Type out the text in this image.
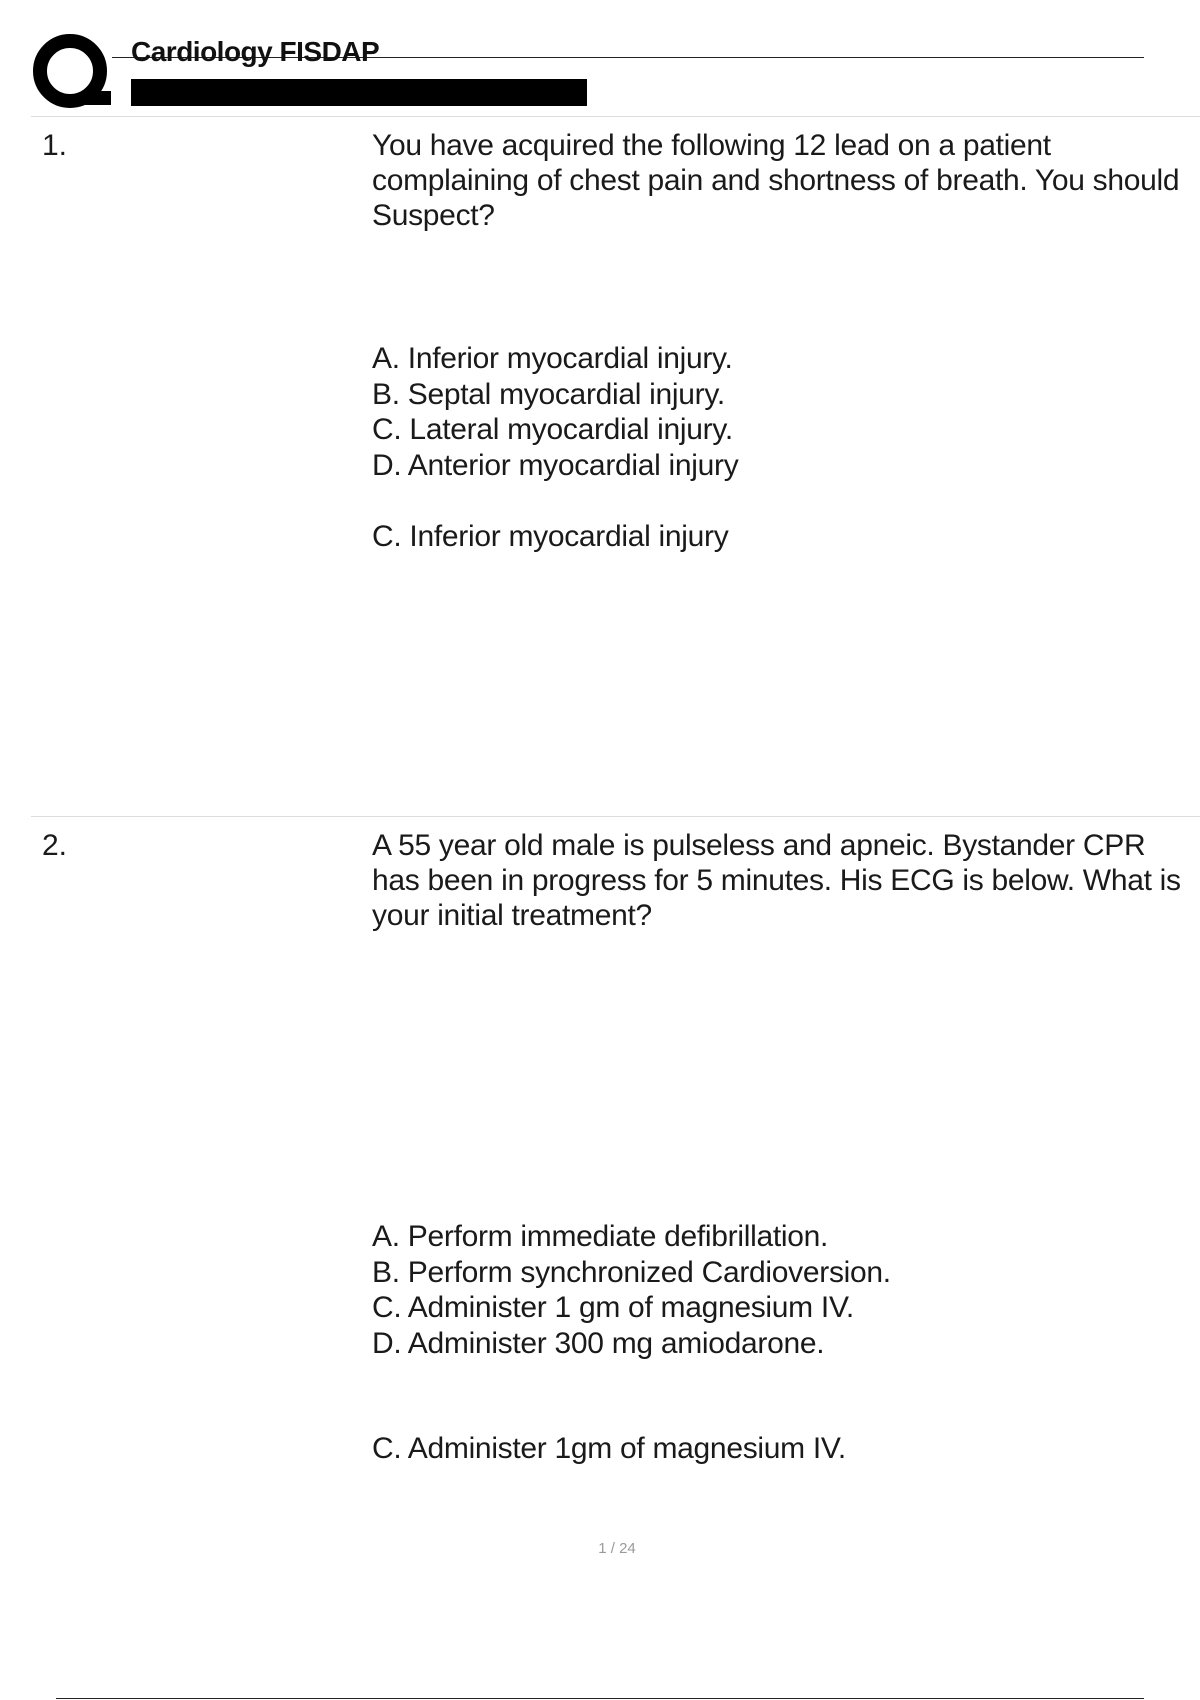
Cardiology FISDAP
1.	You have acquired the following 12 lead on a patient complaining of chest pain and shortness of breath. You should Suspect?
A. Inferior myocardial injury.
B. Septal myocardial injury.
C. Lateral myocardial injury.
D. Anterior myocardial injury
C. Inferior myocardial injury
2.	A 55 year old male is pulseless and apneic. Bystander CPR has been in progress for 5 minutes. His ECG is below. What is your initial treatment?
A. Perform immediate defibrillation.
B. Perform synchronized Cardioversion.
C. Administer 1 gm of magnesium IV.
D. Administer 300 mg amiodarone.
C. Administer 1gm of magnesium IV.
1 / 24
